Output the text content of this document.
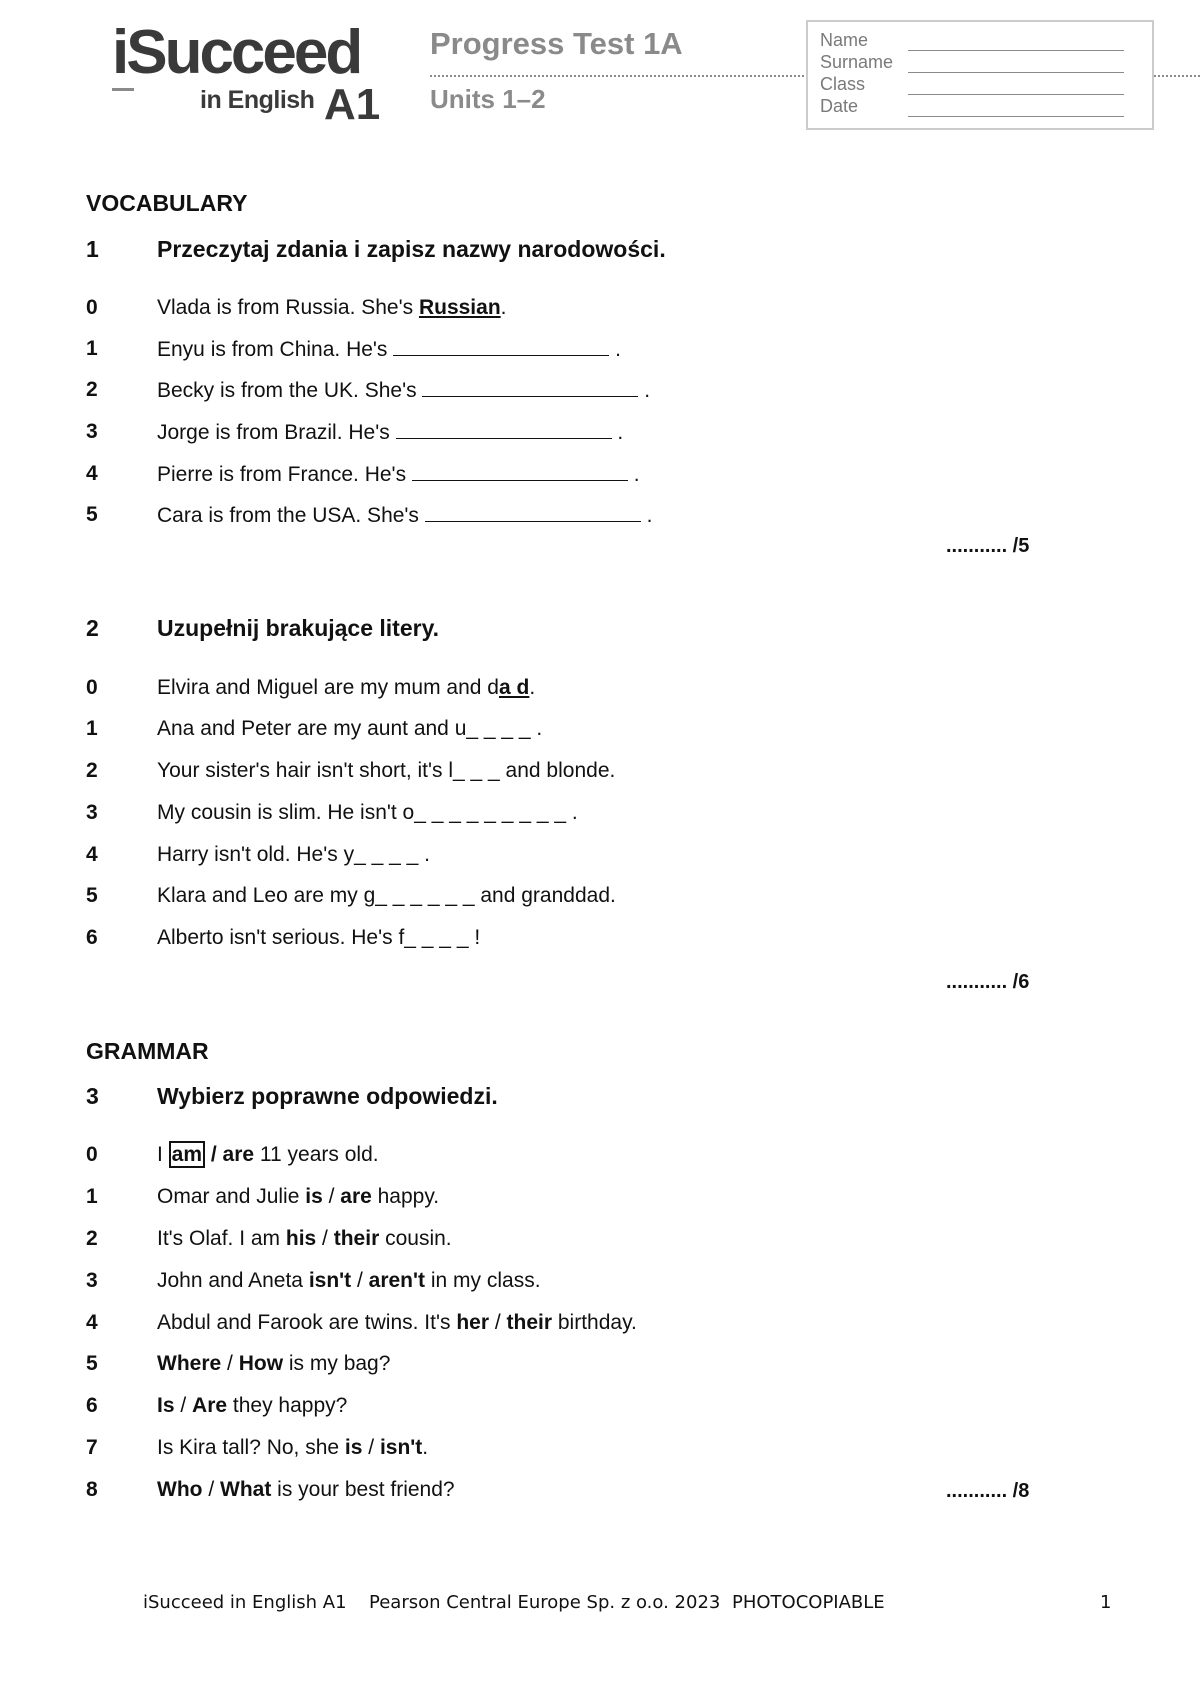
iSucceed
in English A1
Progress Test 1A
Units 1–2
Name
Surname
Class
Date
VOCABULARY
1	Przeczytaj zdania i zapisz nazwy narodowości.
0	Vlada is from Russia. She's Russian.
1	Enyu is from China. He's	.
2	Becky is from the UK. She's	.
3	Jorge is from Brazil. He's	.
4	Pierre is from France. He's	.
5	Cara is from the USA. She's	.
........... /5
2	Uzupełnij brakujące litery.
0	Elvira and Miguel are my mum and da d.
1	Ana and Peter are my aunt and u_ _ _ _ .
2	Your sister's hair isn't short, it's l_ _ _ and blonde.
3	My cousin is slim. He isn't o_ _ _ _ _ _ _ _ _ .
4	Harry isn't old. He's y_ _ _ _ .
5	Klara and Leo are my g_ _ _ _ _ _ and granddad.
6	Alberto isn't serious. He's f_ _ _ _ !
........... /6
GRAMMAR
3	Wybierz poprawne odpowiedzi.
0	I am / are 11 years old.
1	Omar and Julie is / are happy.
2	It's Olaf. I am his / their cousin.
3	John and Aneta isn't / aren't in my class.
4	Abdul and Farook are twins. It's her / their birthday.
5	Where / How is my bag?
6	Is / Are they happy?
7	Is Kira tall? No, she is / isn't.
8	Who / What is your best friend?	........... /8
iSucceed in English A1 Pearson Central Europe Sp. z o.o. 2023 PHOTOCOPIABLE	1
